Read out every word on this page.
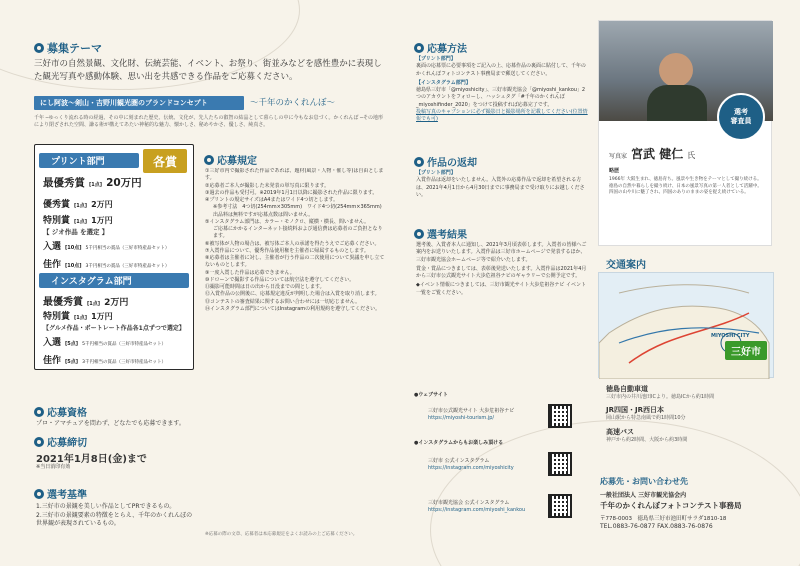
募集テーマ
三好市の自然景観、文化財、伝統芸能、イベント、お祭り、街並みなどを感性豊かに表現した観光写真や感動体験、思い出を共感できる作品をご応募ください。
にし阿波〜剣山・吉野川観光圏のブランドコンセプト	〜千年のかくれんぼ〜
千年 ─ゆっくり流れる時の経過、その中に刻まれた歴史、伝統、文化が、先人たちの叡智の結晶として暮らしの中に今もなお息づく。かくれんぼ ─その地形により閉ざされた空間、謙る術が構えてあたい神秘的な魅力、懐かしさ、秘めやかさ、優しさ、純真さ。
各賞
プリント部門
最優秀賞 [1点] 20万円
優秀賞 [1点] 2万円
特別賞 [1点] 1万円
【 ジオ作品 を選定 】
入選 [10点] 5千円相当の賞品（三好市特産品セット）
佳作 [10点] 3千円相当の賞品（三好市特産品セット）
インスタグラム部門
最優秀賞 [1点] 2万円
特別賞 [1点] 1万円
【グルメ作品・ポートレート作品各1点ずつで選定】
入選 [5点] 5千円相当の賞品（三好市特産品セット）
佳作 [5点] 3千円相当の賞品（三好市特産品セット）
応募資格
プロ・アマチュアを問わず、どなたでも応募できます。
応募締切
2021年1月8日(金)まで
※当日消印有効
選考基準
1.三好市の景観を美しい作品としてPRできるもの。
2.三好市の景観要素の特徴をとらえ、千年のかくれんぼの世界観が表現されているもの。
応募規定
①三好市内で撮影された作品であれば、題材(風景・人物・催し等)は自由とします。
②応募者ご本人が撮影した未発表の単写真に限ります。
③過去の作品も受付可。※2019年1月1日以降に撮影された作品に限ります。
④プリントの規定サイズはA4またはワイド4つ切とします。
※参考寸法　4つ切(254mm×305mm)　ワイド4つ切(254mm×365mm)
出品料は無料ですが応募点数は問いません。
⑤インスタグラム部門は、カラー・モノクロ、縦横・横長、問いません。
ご応募にかかるインターネット接続料および通信費は応募者のご負担となります。
⑥被写体が人物の場合は、被写体ご本人の承諾を得たうえでご応募ください。
⑦入賞作品について、優秀作品使用権を主催者に帰属するものとします。
⑧応募者は主催者に対し、主催者が行う作品の二次使用について異議を申し立てないものとします。
⑨一度入賞した作品は応募できません。
⑩ドローンで撮影する作品については航空法を遵守してください。
⑪撮影可能時間は日の出から日没までの間とします。
⑫入賞作品の公開後に、応募規定違反が判明した場合は入賞を取り消します。
⑬コンテストの審査結果に関するお問い合わせには一切応じません。
⑭インスタグラム部門についてはInstagramの利用規約を遵守してください。
※応募の際の文章、応募者は本応募規定をよくお読みの上ご応募ください。
応募方法
【プリント部門】
裏面の応募票に必要事項をご記入の上、応募作品の裏面に貼付して、千年のかくれんぼフォトコンテスト事務局まで郵送してください。
【インスタグラム部門】
徳島県三好市「@miyoshicity」、三好市観光協会「@miyoshi_kankou」2つのアカウントをフォローし、ハッシュタグ「#千年のかくれんぼ_miyoshifinder_2020」をつけて投稿すれば応募完了です。
投稿写真のキャプションに必ず撮影日と撮影場所を記載してください(位置情報でも可)
作品の返却
【プリント部門】
入賞作品は返却をいたしません。入賞外の応募作品で返却を希望される方は、2021年4月1日から4月30日までに事務局まで受け取りにお越しください。
選考結果
選考後、入賞者本人に通知し、2021年3月頃表彰します。入賞者の皆様へご案内をお送りいたします。入賞作品は三好市ホームページで発表するほか、三好市観光協会ホームページ等で紹介いたします。
賞金・賞品につきましては、表彰後発送いたします。入賞作品は2021年4月から三好市公式観光サイト大歩危祖谷ナビのギャラリーで公開予定です。
◆イベント情報につきましては、三好市観光サイト大歩危祖谷ナビ イベント一覧をご覧ください。
●ウェブサイト
三好市公式観光サイト 大歩危祖谷ナビ
https://miyoshi-tourism.jp/
●インスタグラムからもお楽しみ頂ける
三好市 公式インスタグラム
https://instagram.com/miyoshicity
三好市観光協会 公式インスタグラム
https://instagram.com/miyoshi_kankou
選考
審査員
写真家 宮武 健仁 氏
略歴
1966年 大阪生まれ、徳島育ち。風景や生き物をテーマとして撮り続ける。徳島の自然や暮らしを撮り続け、日本の風景写真の第一人者として活躍中。四国の山や川に魅了され、四国のありのままの姿を捉え続けている。
交通案内
MIYOSHI CITY
三好市
徳島自動車道
三好市内の井川池田ICより。徳島ICから約1時間
JR四国・JR西日本
岡山駅から特急南風で約1時間10分
高速バス
神戸から約2時間、大阪から約3時間
応募先・お問い合わせ先
一般社団法人 三好市観光協会内
千年のかくれんぼフォトコンテスト事務局
〒778-0003　徳島県三好市池田町サラダ1810-18
TEL.0883-76-0877 FAX.0883-76-0876
